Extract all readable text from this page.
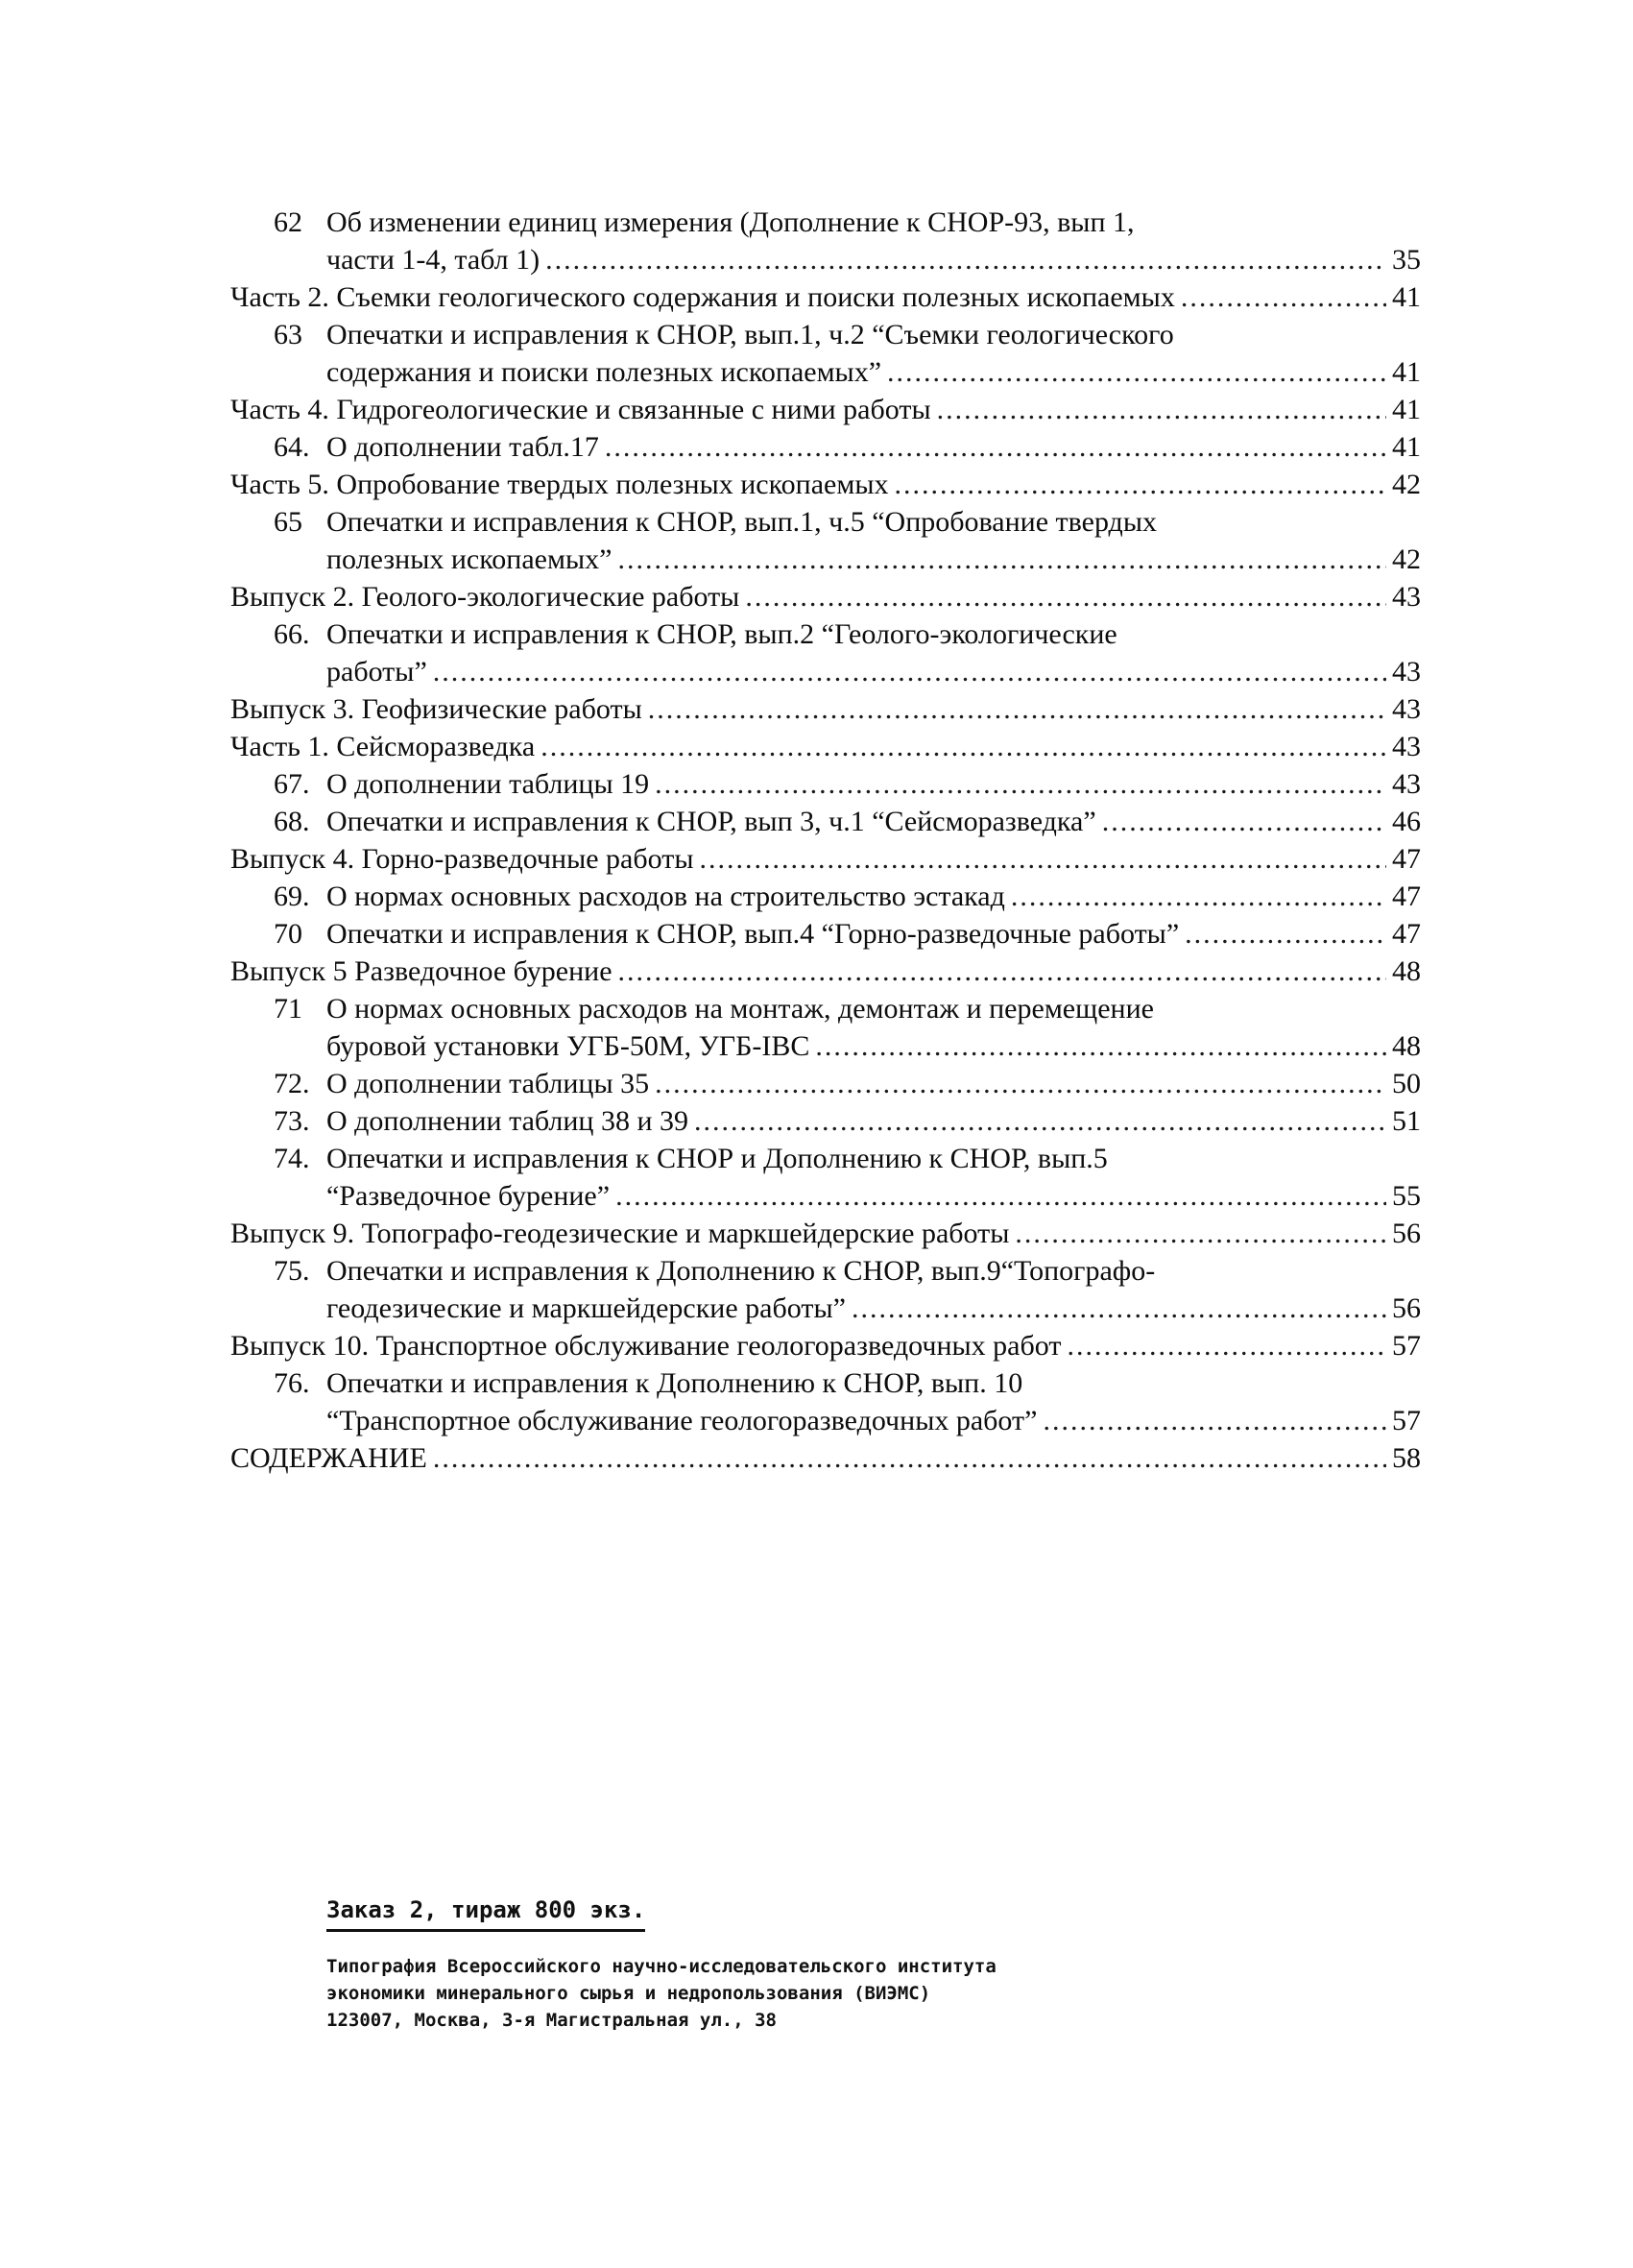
62 Об изменении единиц измерения (Дополнение к СНОР-93, вып 1,
части 1-4, табл 1) .....	35
Часть 2. Съемки геологического содержания и поиски полезных ископаемых .....	41
63 Опечатки и исправления к СНОР, вып.1, ч.2 “Съемки геологического
содержания и поиски полезных ископаемых” .....	41
Часть 4. Гидрогеологические и связанные с ними работы .....	41
64. О дополнении табл.17 .....	41
Часть 5. Опробование твердых полезных ископаемых .....	42
65 Опечатки и исправления к СНОР, вып.1, ч.5 “Опробование твердых
полезных ископаемых” .....	42
Выпуск 2. Геолого-экологические работы .....	43
66. Опечатки и исправления к СНОР, вып.2 “Геолого-экологические
работы” .....	43
Выпуск 3. Геофизические работы .....	43
Часть 1. Сейсморазведка .....	43
67. О дополнении таблицы 19 .....	43
68. Опечатки и исправления к СНОР, вып 3, ч.1 “Сейсморазведка” .....	46
Выпуск 4. Горно-разведочные работы .....	47
69. О нормах основных расходов на строительство эстакад .....	47
70 Опечатки и исправления к СНОР, вып.4 “Горно-разведочные работы” .....	47
Выпуск 5 Разведочное бурение .....	48
71 О нормах основных расходов на монтаж, демонтаж и перемещение
буровой установки УГБ-50М, УГБ-IВС .....	48
72. О дополнении таблицы 35 .....	50
73. О дополнении таблиц 38 и 39 .....	51
74. Опечатки и исправления к СНОР и Дополнению к СНОР, вып.5
“Разведочное бурение” .....	55
Выпуск 9. Топографо-геодезические и маркшейдерские работы .....	56
75. Опечатки и исправления к Дополнению к СНОР, вып.9“Топографо-
геодезические и маркшейдерские работы” .....	56
Выпуск 10. Транспортное обслуживание геологоразведочных работ .....	57
76. Опечатки и исправления к Дополнению к СНОР, вып. 10
“Транспортное обслуживание геологоразведочных работ” .....	57
СОДЕРЖАНИЕ .....	58
Заказ 2, тираж 800 экз.
Типография Всероссийского научно-исследовательского института
экономики минерального сырья и недропользования (ВИЭМС)
123007, Москва, 3-я Магистральная ул., 38
